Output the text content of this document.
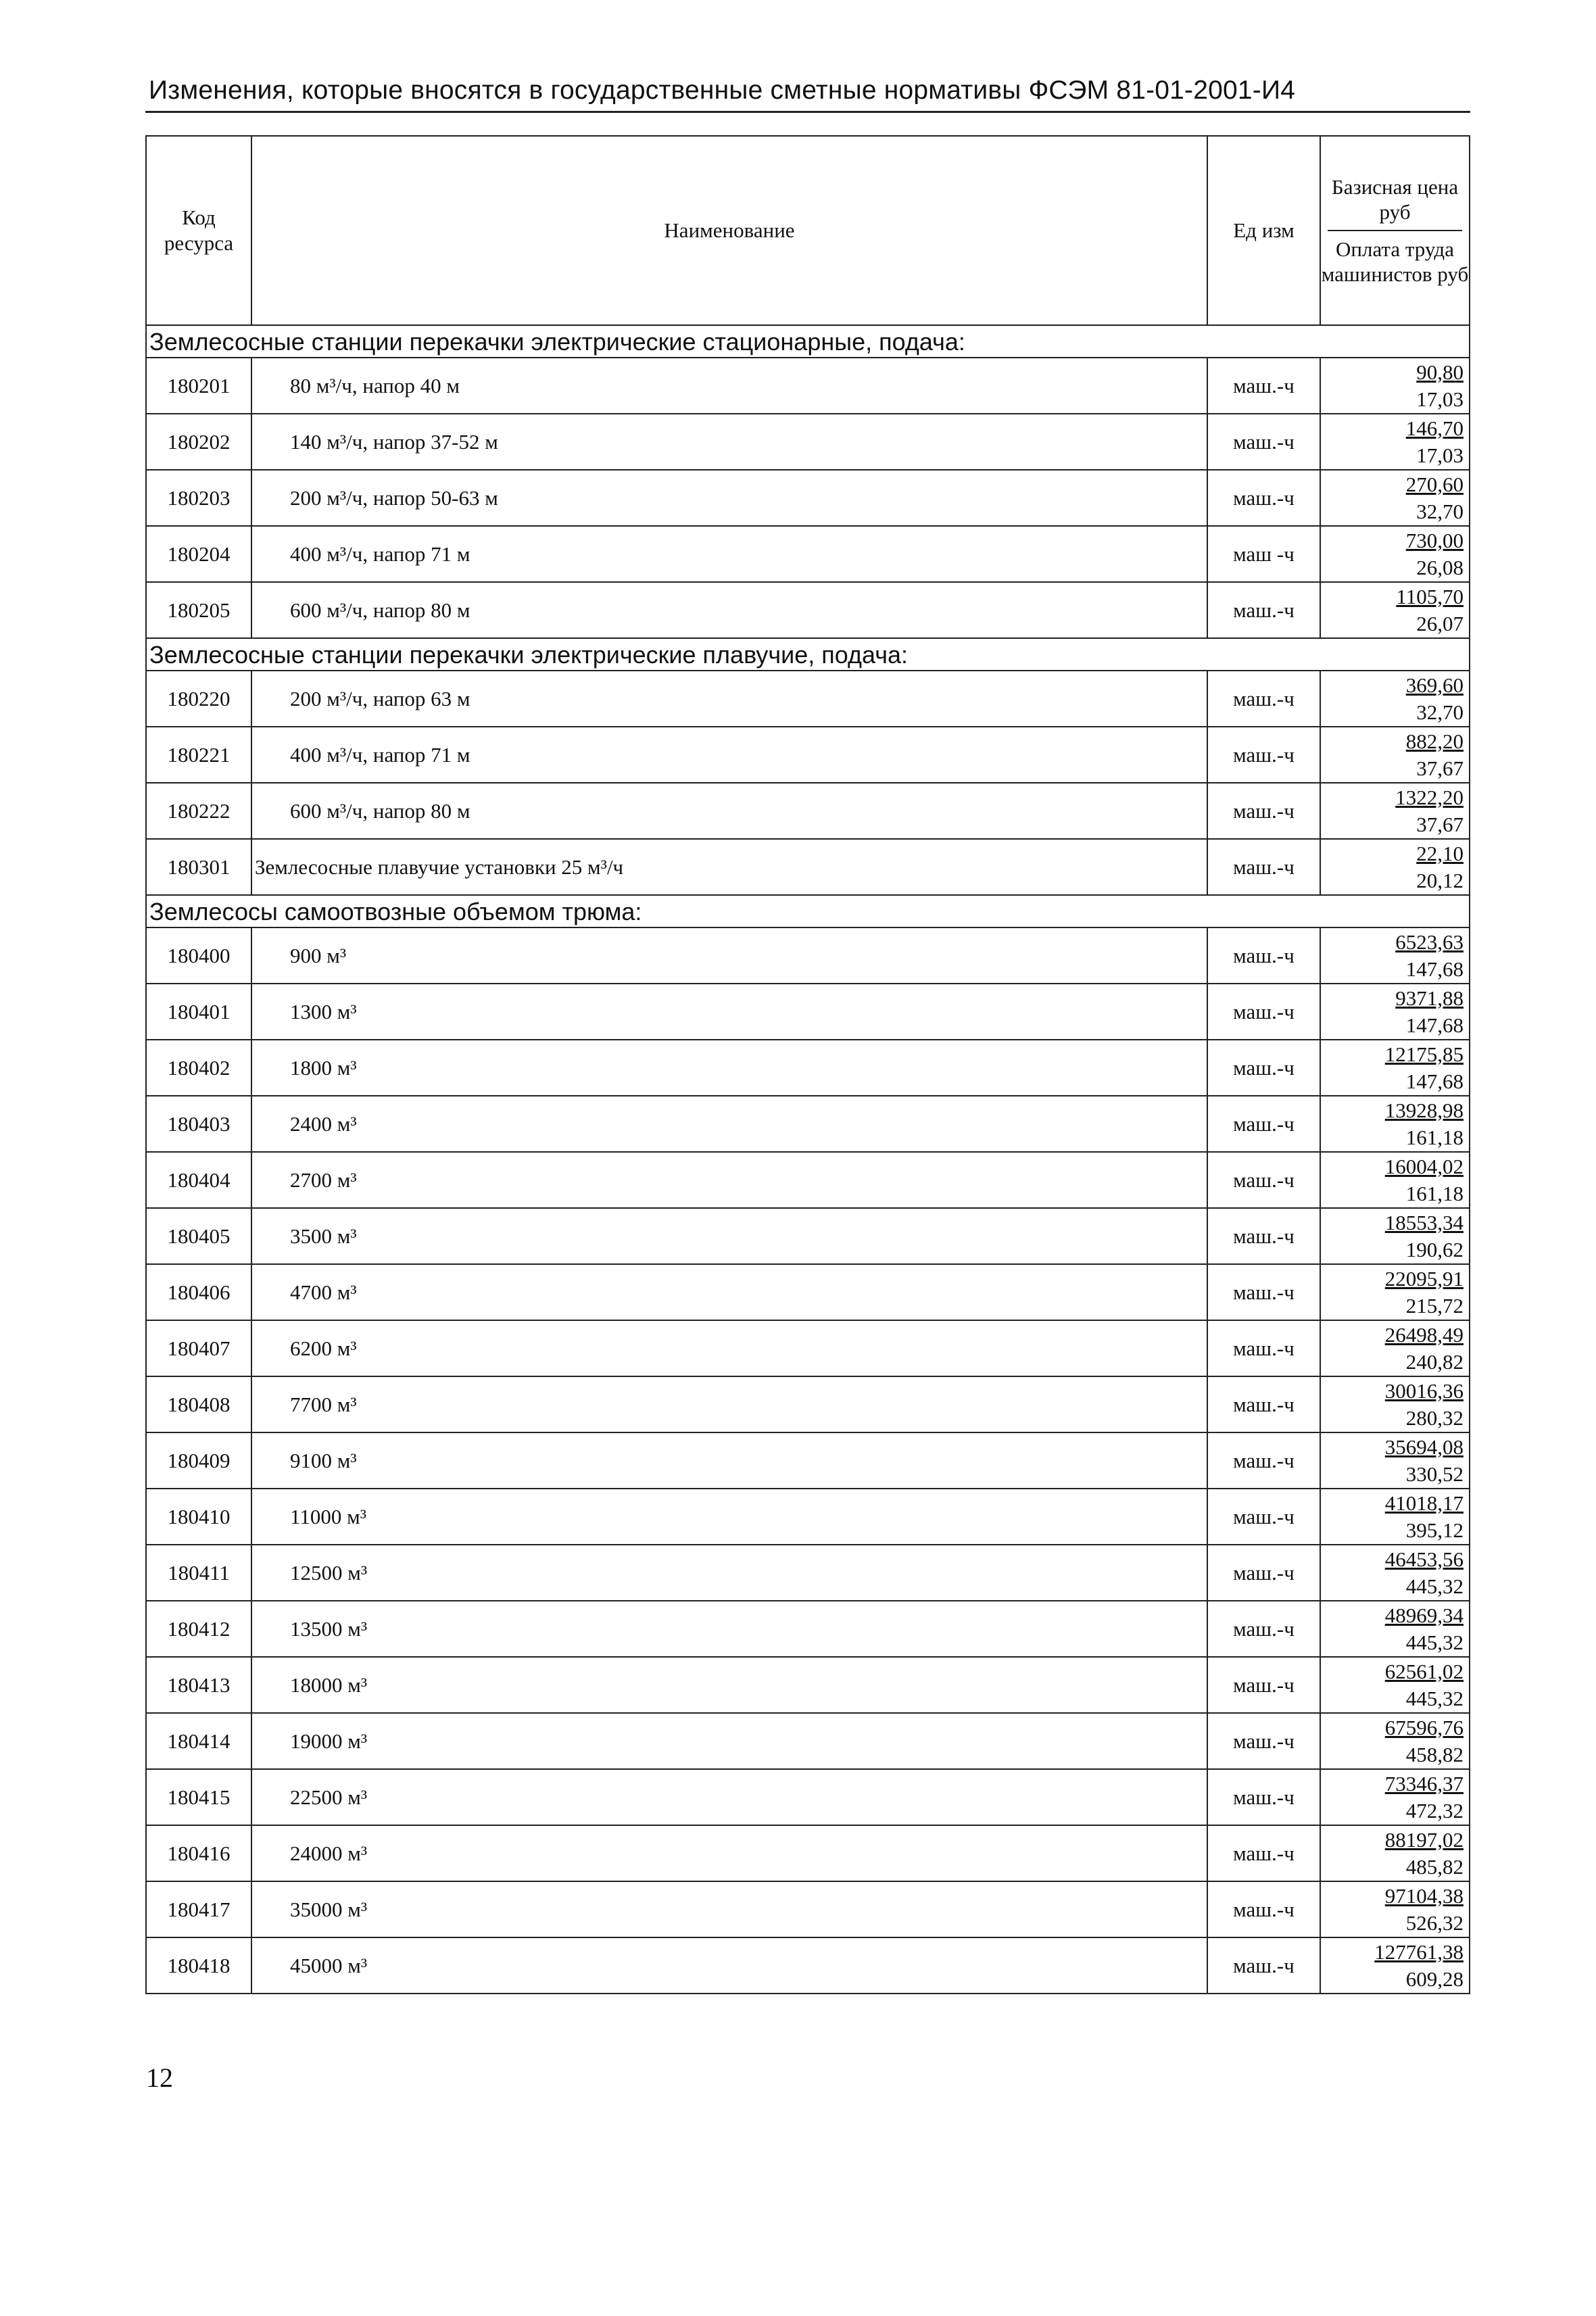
Изменения, которые вносятся в государственные сметные нормативы ФСЭМ 81-01-2001-И4
Код ресурса	Наименование	Ед изм	Базисная цена руб
Оплата труда машинистов руб

Землесосные станции перекачки электрические стационарные, подача:			
180201	80 м³/ч, напор 40 м	маш.-ч	90,80
17,03

180202	140 м³/ч, напор 37-52 м	маш.-ч	146,70
17,03

180203	200 м³/ч, напор 50-63 м	маш.-ч	270,60
32,70

180204	400 м³/ч, напор 71 м	маш -ч	730,00
26,08

180205	600 м³/ч, напор 80 м	маш.-ч	1105,70
26,07

Землесосные станции перекачки электрические плавучие, подача:			
180220	200 м³/ч, напор 63 м	маш.-ч	369,60
32,70

180221	400 м³/ч, напор 71 м	маш.-ч	882,20
37,67

180222	600 м³/ч, напор 80 м	маш.-ч	1322,20
37,67

180301	Землесосные плавучие установки 25 м³/ч	маш.-ч	22,10
20,12

Землесосы самоотвозные объемом трюма:			
180400	900 м³	маш.-ч	6523,63
147,68

180401	1300 м³	маш.-ч	9371,88
147,68

180402	1800 м³	маш.-ч	12175,85
147,68

180403	2400 м³	маш.-ч	13928,98
161,18

180404	2700 м³	маш.-ч	16004,02
161,18

180405	3500 м³	маш.-ч	18553,34
190,62

180406	4700 м³	маш.-ч	22095,91
215,72

180407	6200 м³	маш.-ч	26498,49
240,82

180408	7700 м³	маш.-ч	30016,36
280,32

180409	9100 м³	маш.-ч	35694,08
330,52

180410	11000 м³	маш.-ч	41018,17
395,12

180411	12500 м³	маш.-ч	46453,56
445,32

180412	13500 м³	маш.-ч	48969,34
445,32

180413	18000 м³	маш.-ч	62561,02
445,32

180414	19000 м³	маш.-ч	67596,76
458,82

180415	22500 м³	маш.-ч	73346,37
472,32

180416	24000 м³	маш.-ч	88197,02
485,82

180417	35000 м³	маш.-ч	97104,38
526,32

180418	45000 м³	маш.-ч	127761,38
609,28
12
